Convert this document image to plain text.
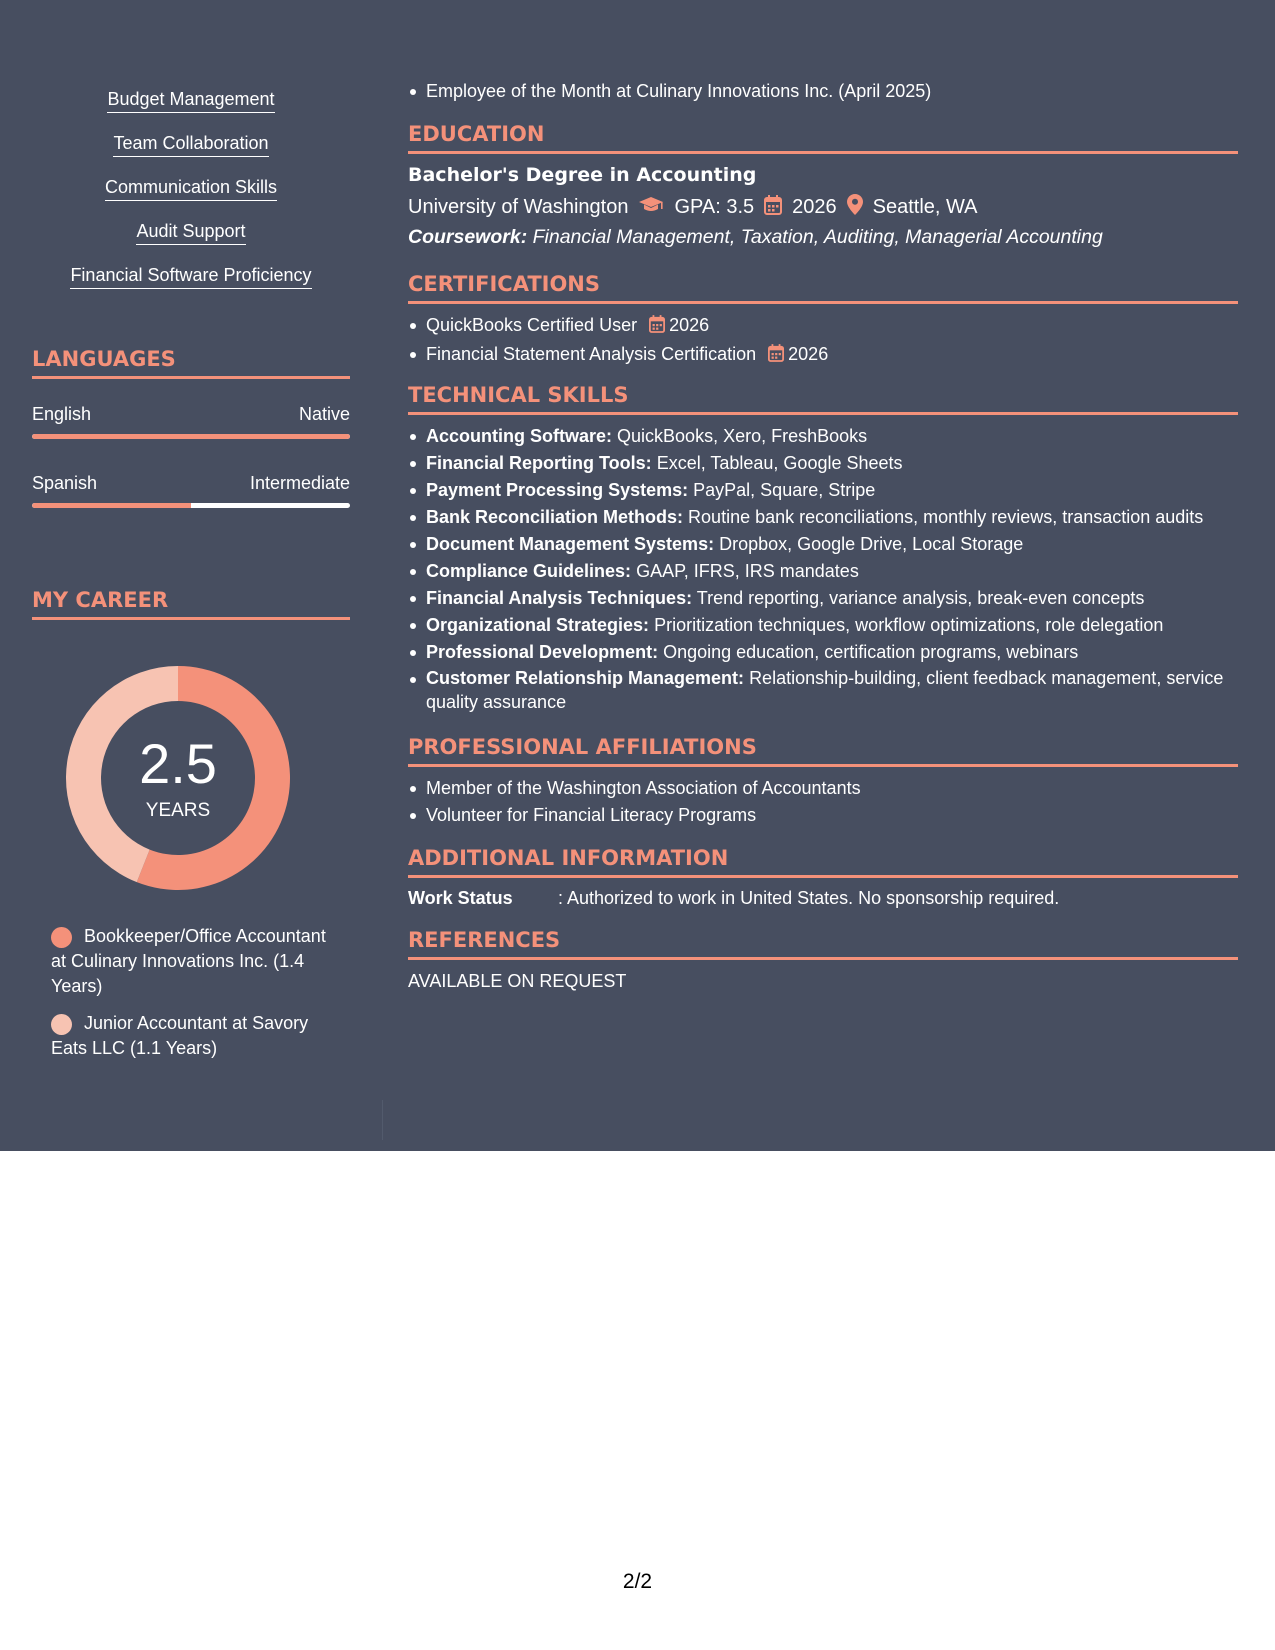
Budget Management
Team Collaboration
Communication Skills
Audit Support
Financial Software Proficiency
LANGUAGES
English	Native
Spanish	Intermediate
MY CAREER
2.5
YEARS
Bookkeeper/Office Accountant at Culinary Innovations Inc. (1.4 Years)
Junior Accountant at Savory Eats LLC (1.1 Years)
Employee of the Month at Culinary Innovations Inc. (April 2025)
EDUCATION
Bachelor's Degree in Accounting
University of Washington GPA: 3.5 2026 Seattle, WA
Coursework: Financial Management, Taxation, Auditing, Managerial Accounting
CERTIFICATIONS
QuickBooks Certified User 2026
Financial Statement Analysis Certification 2026
TECHNICAL SKILLS
Accounting Software: QuickBooks, Xero, FreshBooks
Financial Reporting Tools: Excel, Tableau, Google Sheets
Payment Processing Systems: PayPal, Square, Stripe
Bank Reconciliation Methods: Routine bank reconciliations, monthly reviews, transaction audits
Document Management Systems: Dropbox, Google Drive, Local Storage
Compliance Guidelines: GAAP, IFRS, IRS mandates
Financial Analysis Techniques: Trend reporting, variance analysis, break-even concepts
Organizational Strategies: Prioritization techniques, workflow optimizations, role delegation
Professional Development: Ongoing education, certification programs, webinars
Customer Relationship Management: Relationship-building, client feedback management, service quality assurance
PROFESSIONAL AFFILIATIONS
Member of the Washington Association of Accountants
Volunteer for Financial Literacy Programs
ADDITIONAL INFORMATION
Work Status	: Authorized to work in United States. No sponsorship required.
REFERENCES
AVAILABLE ON REQUEST
2/2
